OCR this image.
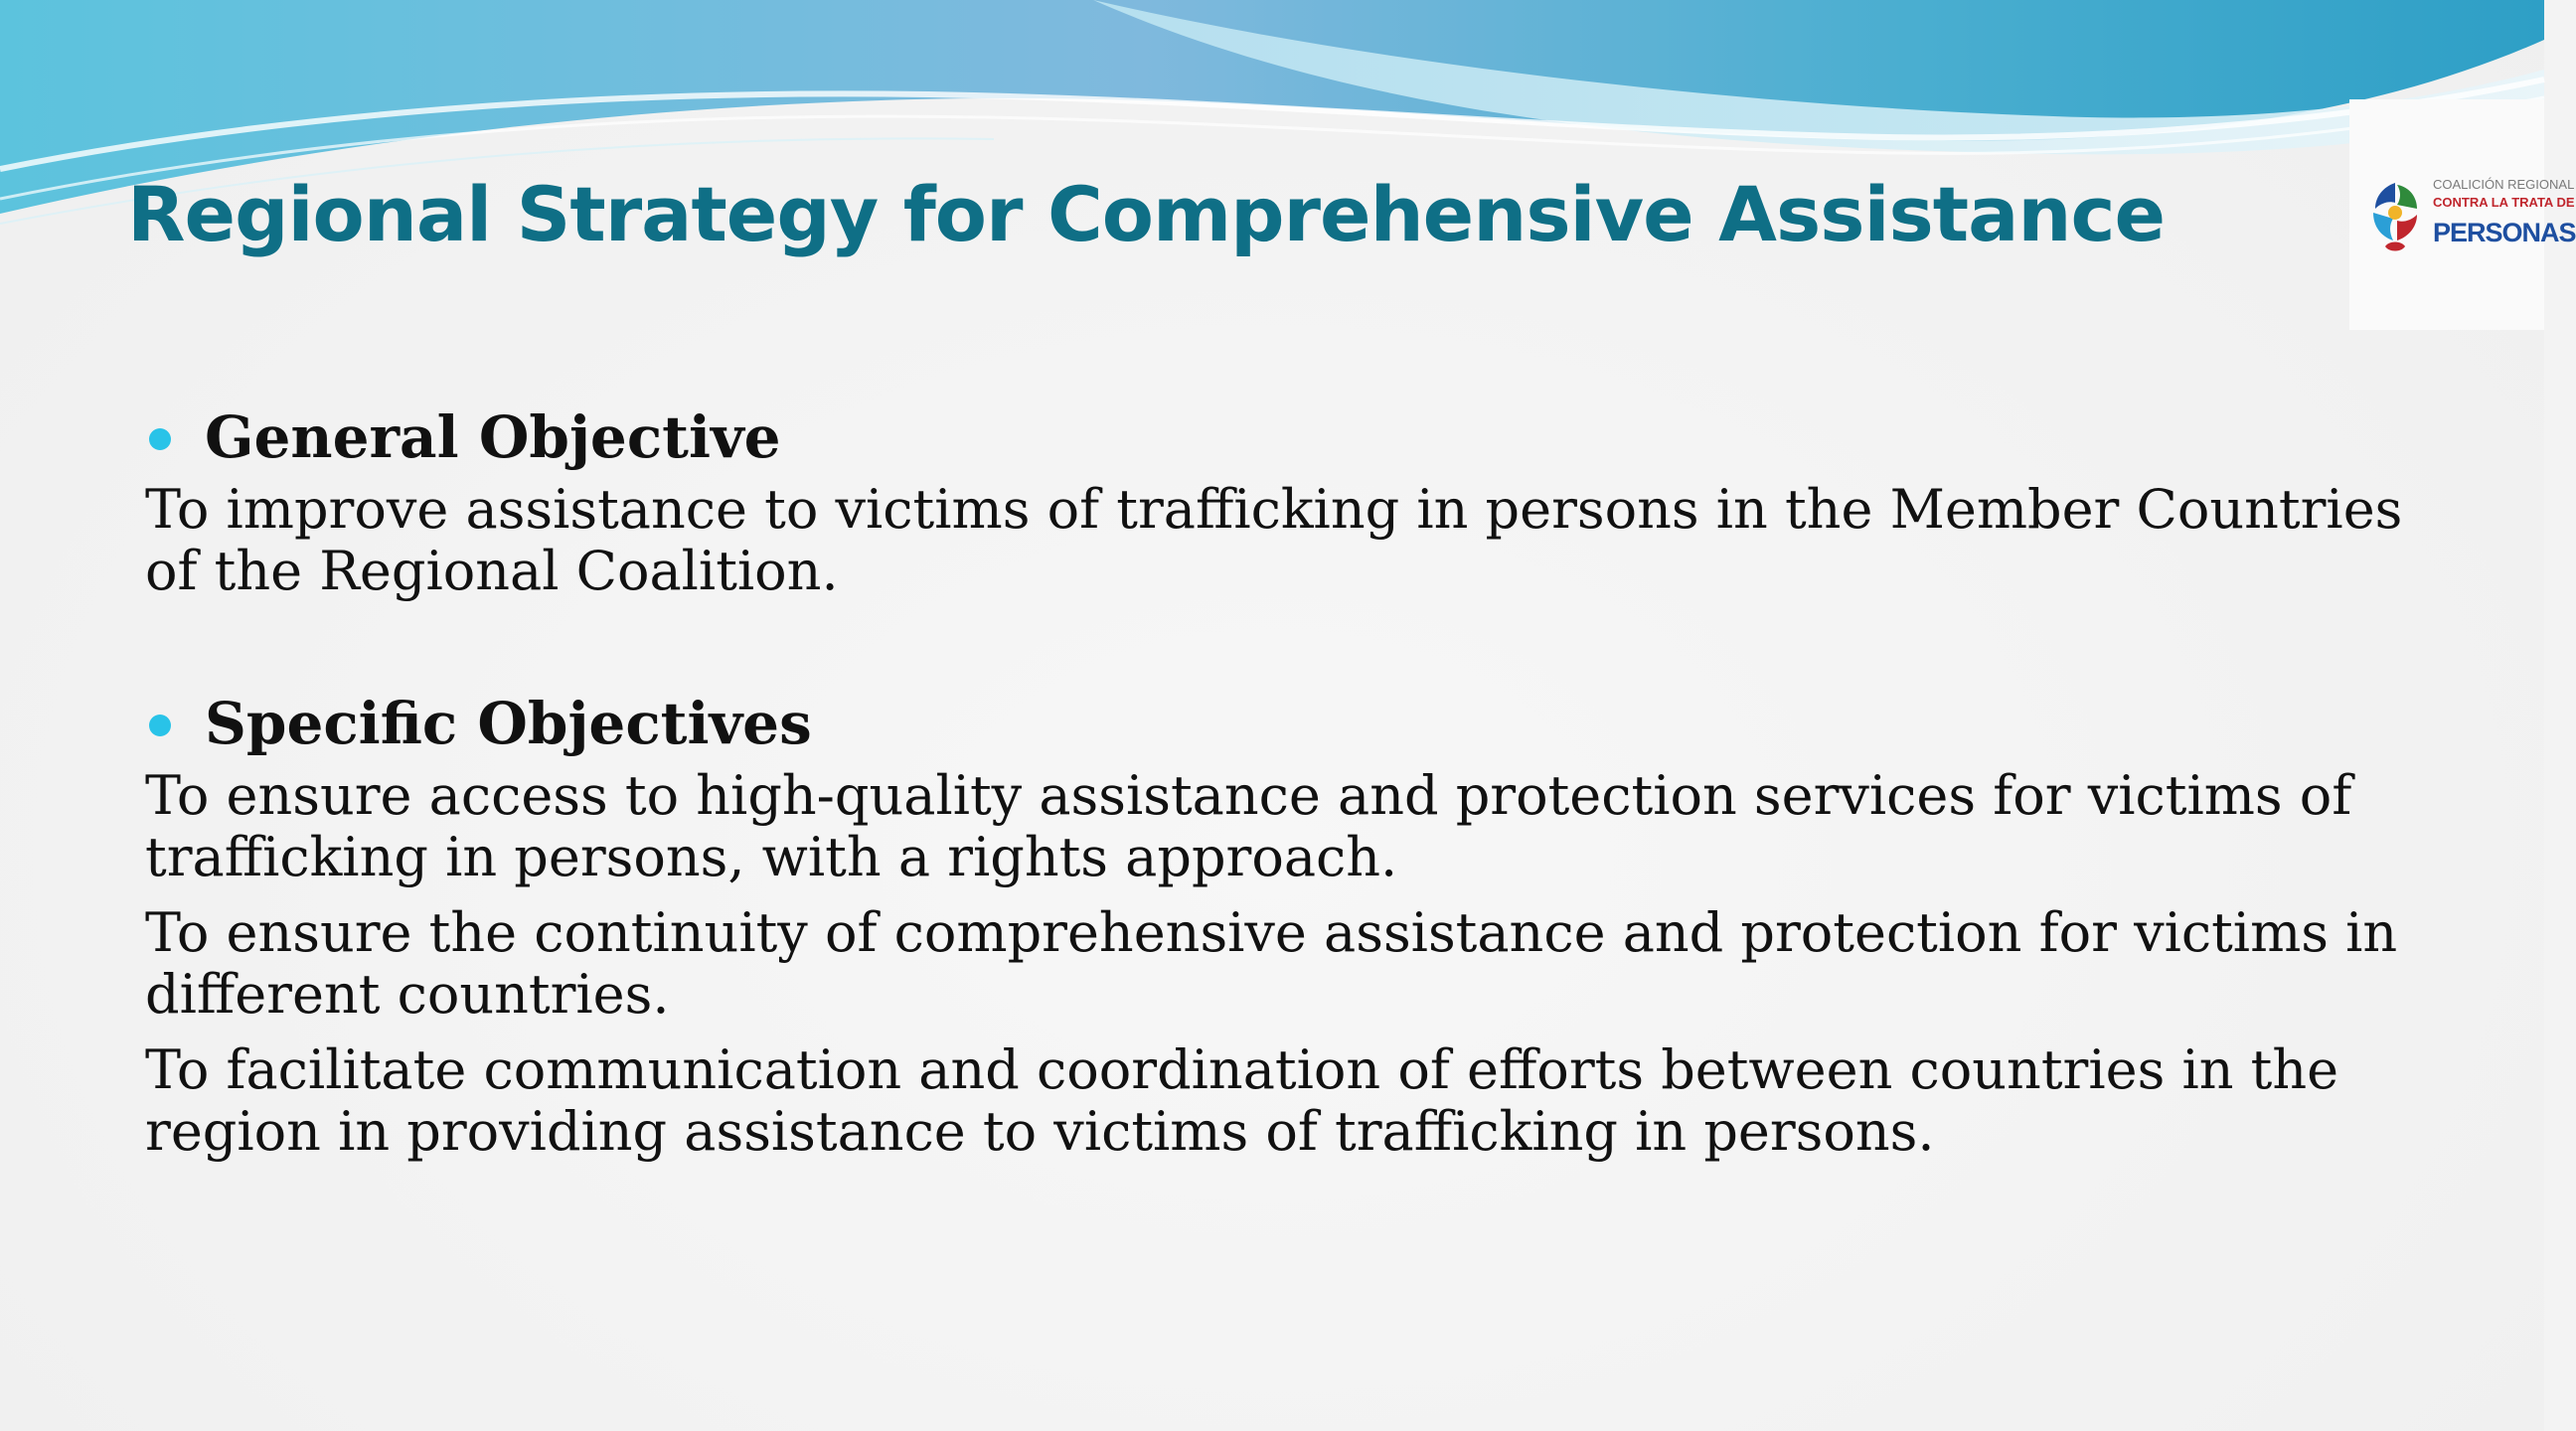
Regional Strategy for Comprehensive Assistance	COALICIÓN REGIONAL
CONTRA LA TRATA DE
PERSONAS
General Objective

To improve assistance to victims of trafficking in persons in the Member Countries of the Regional Coalition.

Specific Objectives

To ensure access to high-quality assistance and protection services for victims of trafficking in persons, with a rights approach.

To ensure the continuity of comprehensive assistance and protection for victims in different countries.

To facilitate communication and coordination of efforts between countries in the region in providing assistance to victims of trafficking in persons.
